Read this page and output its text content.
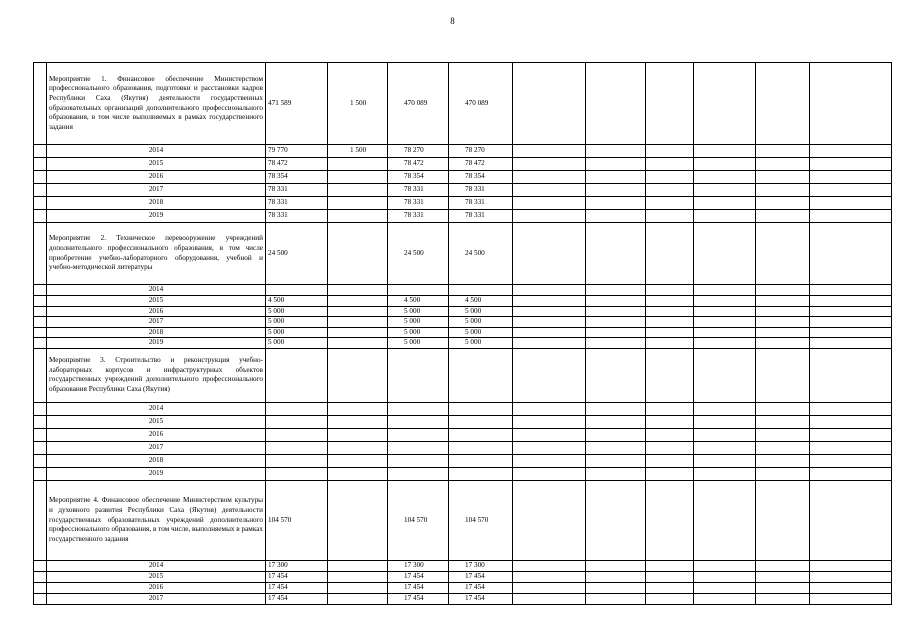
8
	Мероприятие 1. Финансовое обеспечение Министерством профессионального образования, подготовки и расстановки кадров Республики Саха (Якутия) деятельности государственных образовательных организаций дополнительного профессионального образования, в том числе выполняемых в рамках государственного задания	471 589	1 500	470 089	470 089						
	2014	79 770	1 500	78 270	78 270						
	2015	78 472		78 472	78 472						
	2016	78 354		78 354	78 354						
	2017	78 331		78 331	78 331						
	2018	78 331		78 331	78 331						
	2019	78 331		78 331	78 331						
	Мероприятие 2. Техническое перевооружение учреждений дополнительного профессионального образования, в том числе приобретение учебно-лабораторного оборудования, учебной и учебно-методической литературы	24 500		24 500	24 500						
	2014										
	2015	4 500		4 500	4 500						
	2016	5 000		5 000	5 000						
	2017	5 000		5 000	5 000						
	2018	5 000		5 000	5 000						
	2019	5 000		5 000	5 000						
	Мероприятие 3. Строительство и реконструкция учебно-лабораторных корпусов и инфраструктурных объектов государственных учреждений дополнительного профессионального образования Республики Саха (Якутия)										
	2014										
	2015										
	2016										
	2017										
	2018										
	2019										
	Мероприятие 4. Финансовое обеспечение Министерством культуры и духовного развития Республики Саха (Якутия) деятельности государственных образовательных учреждений дополнительного профессионального образования, в том числе, выполняемых в рамках государственного задания	104 570		104 570	104 570						
	2014	17 300		17 300	17 300						
	2015	17 454		17 454	17 454						
	2016	17 454		17 454	17 454						
	2017	17 454		17 454	17 454						
